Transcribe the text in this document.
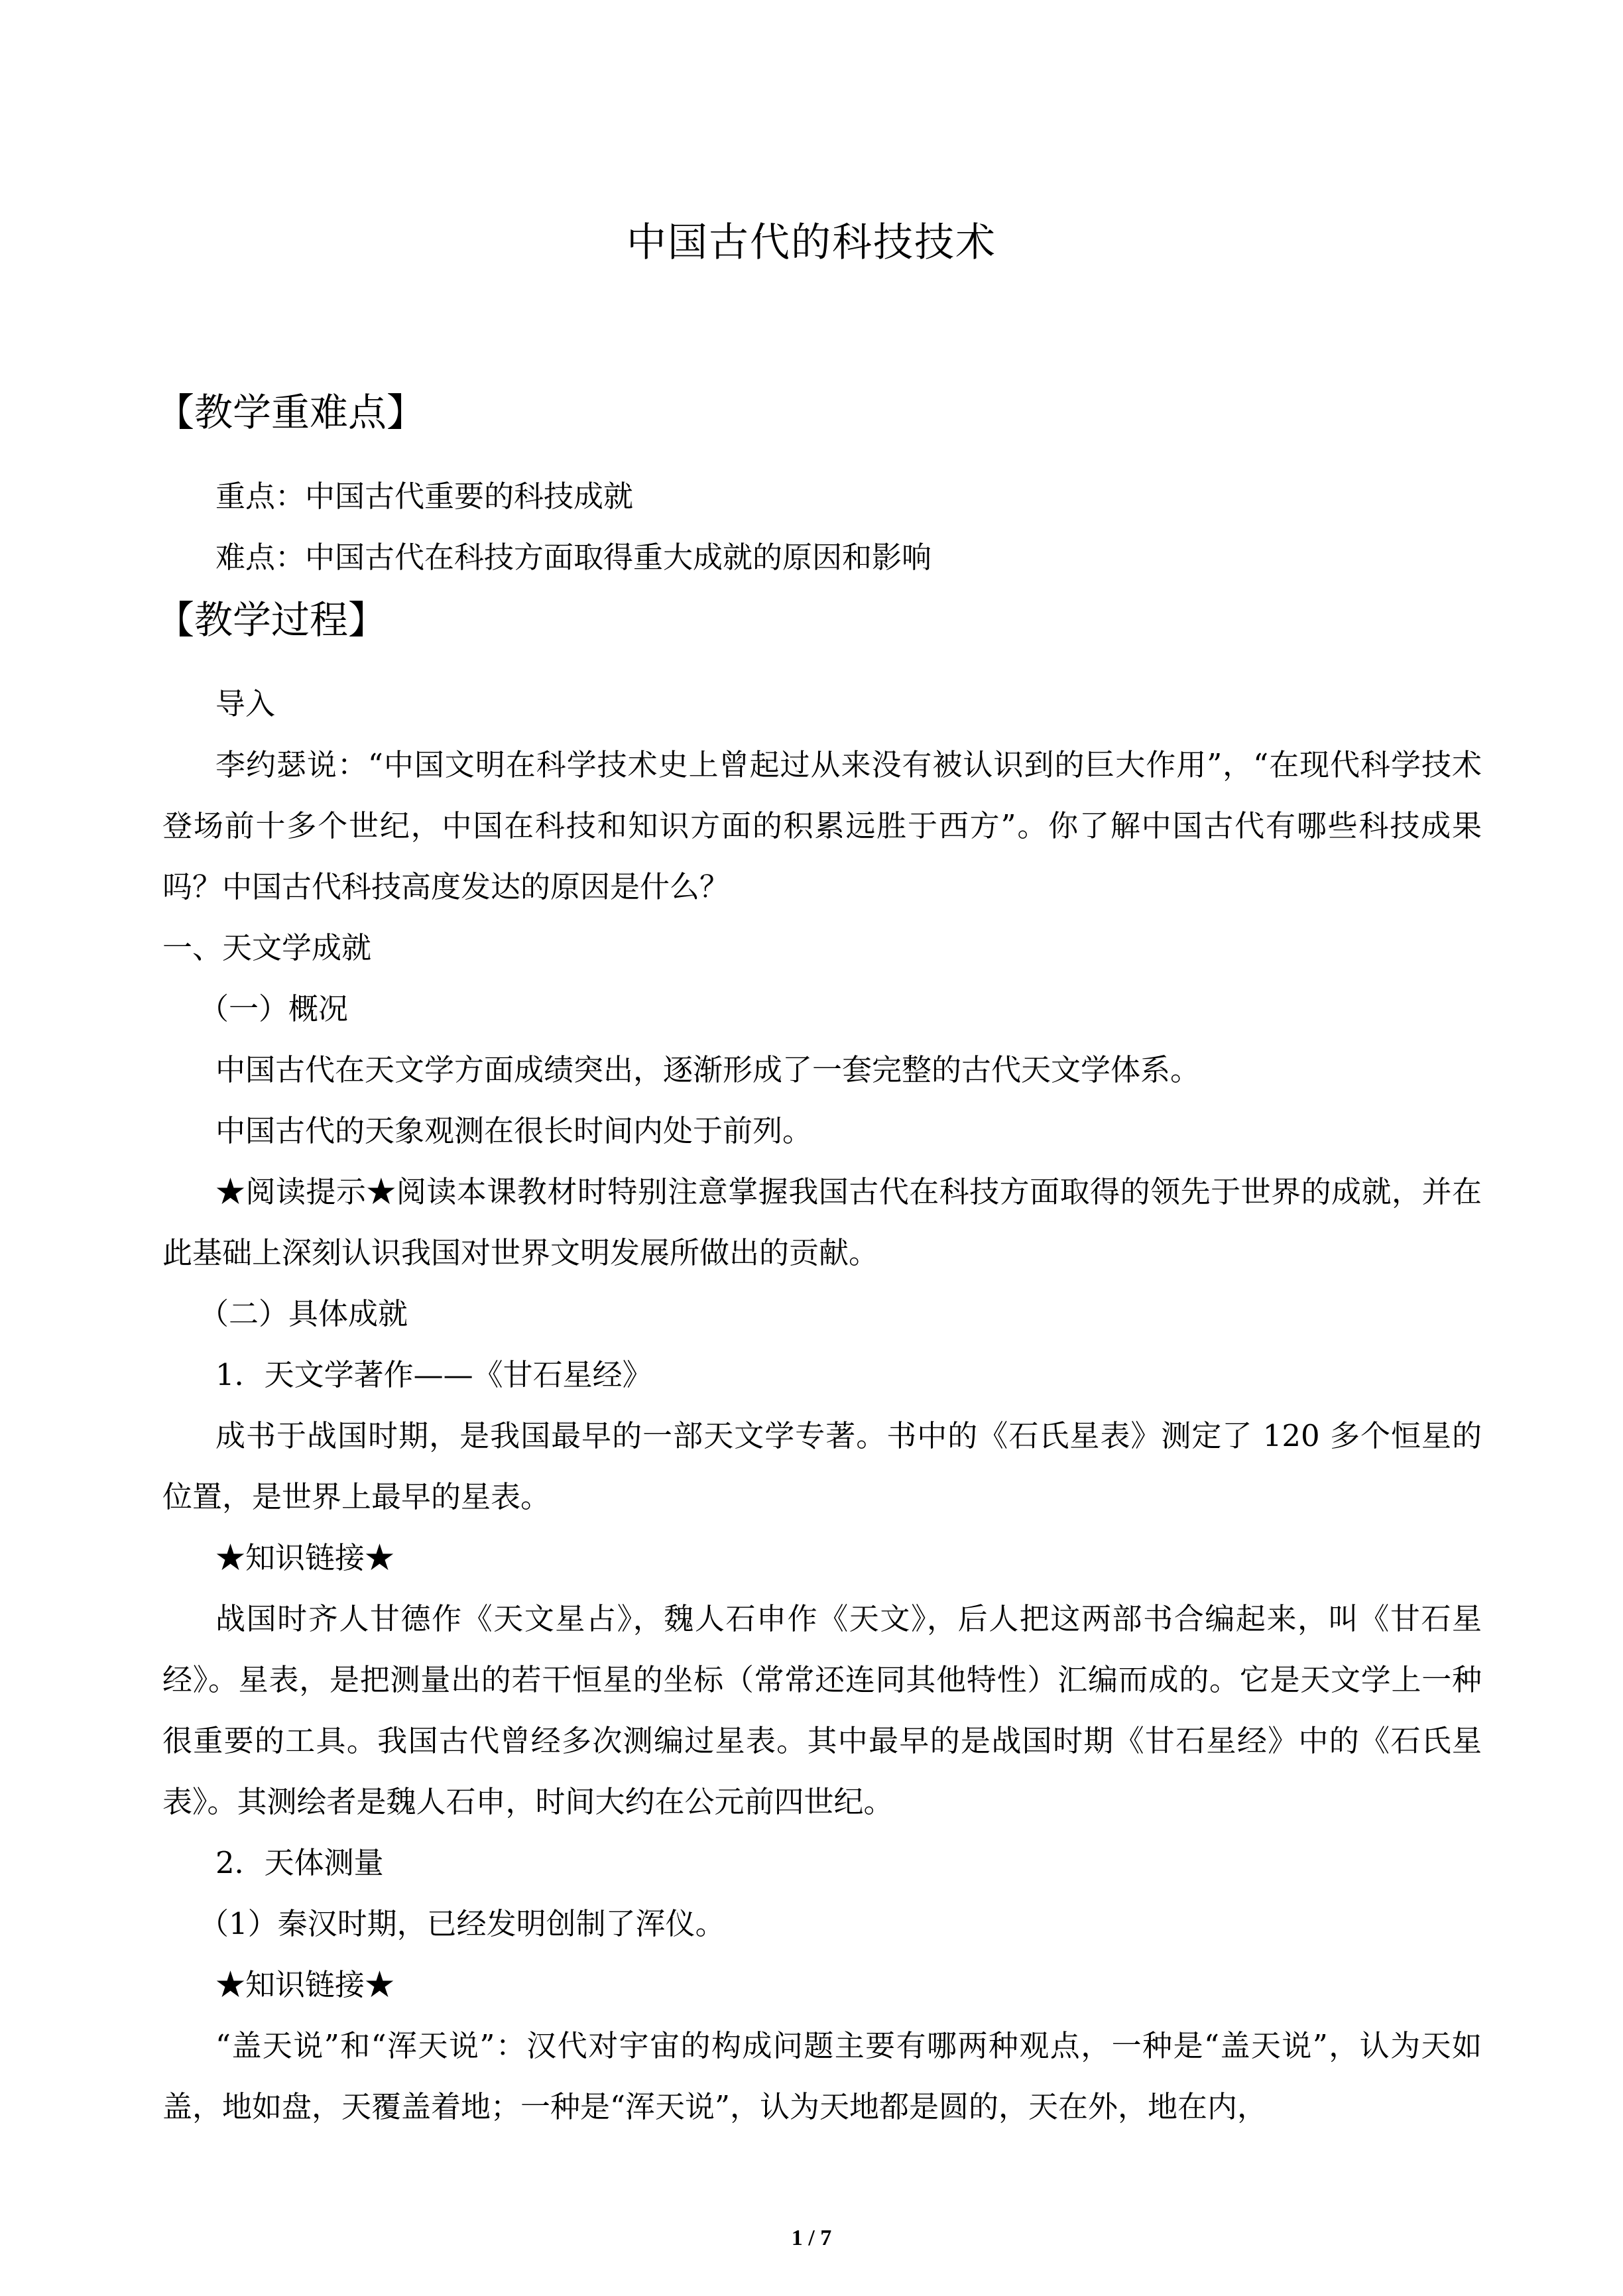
中国古代的科技技术
【教学重难点】

重点：中国古代重要的科技成就

难点：中国古代在科技方面取得重大成就的原因和影响

【教学过程】

导入

李约瑟说：“中国文明在科学技术史上曾起过从来没有被认识到的巨大作用”，“在现代科学技术登场前十多个世纪，中国在科技和知识方面的积累远胜于西方”。你了解中国古代有哪些科技成果吗？中国古代科技高度发达的原因是什么？

一、天文学成就

（一）概况

中国古代在天文学方面成绩突出，逐渐形成了一套完整的古代天文学体系。

中国古代的天象观测在很长时间内处于前列。

★阅读提示★阅读本课教材时特别注意掌握我国古代在科技方面取得的领先于世界的成就，并在此基础上深刻认识我国对世界文明发展所做出的贡献。

（二）具体成就

1．天文学著作——《甘石星经》

成书于战国时期，是我国最早的一部天文学专著。书中的《石氏星表》测定了 120 多个恒星的位置，是世界上最早的星表。

★知识链接★

战国时齐人甘德作《天文星占》，魏人石申作《天文》，后人把这两部书合编起来，叫《甘石星经》。星表，是把测量出的若干恒星的坐标（常常还连同其他特性）汇编而成的。它是天文学上一种很重要的工具。我国古代曾经多次测编过星表。其中最早的是战国时期《甘石星经》中的《石氏星表》。其测绘者是魏人石申，时间大约在公元前四世纪。

2．天体测量

（1）秦汉时期，已经发明创制了浑仪。

★知识链接★

“盖天说”和“浑天说”：汉代对宇宙的构成问题主要有哪两种观点，一种是“盖天说”，认为天如盖，地如盘，天覆盖着地；一种是“浑天说”，认为天地都是圆的，天在外，地在内，

1 / 7
